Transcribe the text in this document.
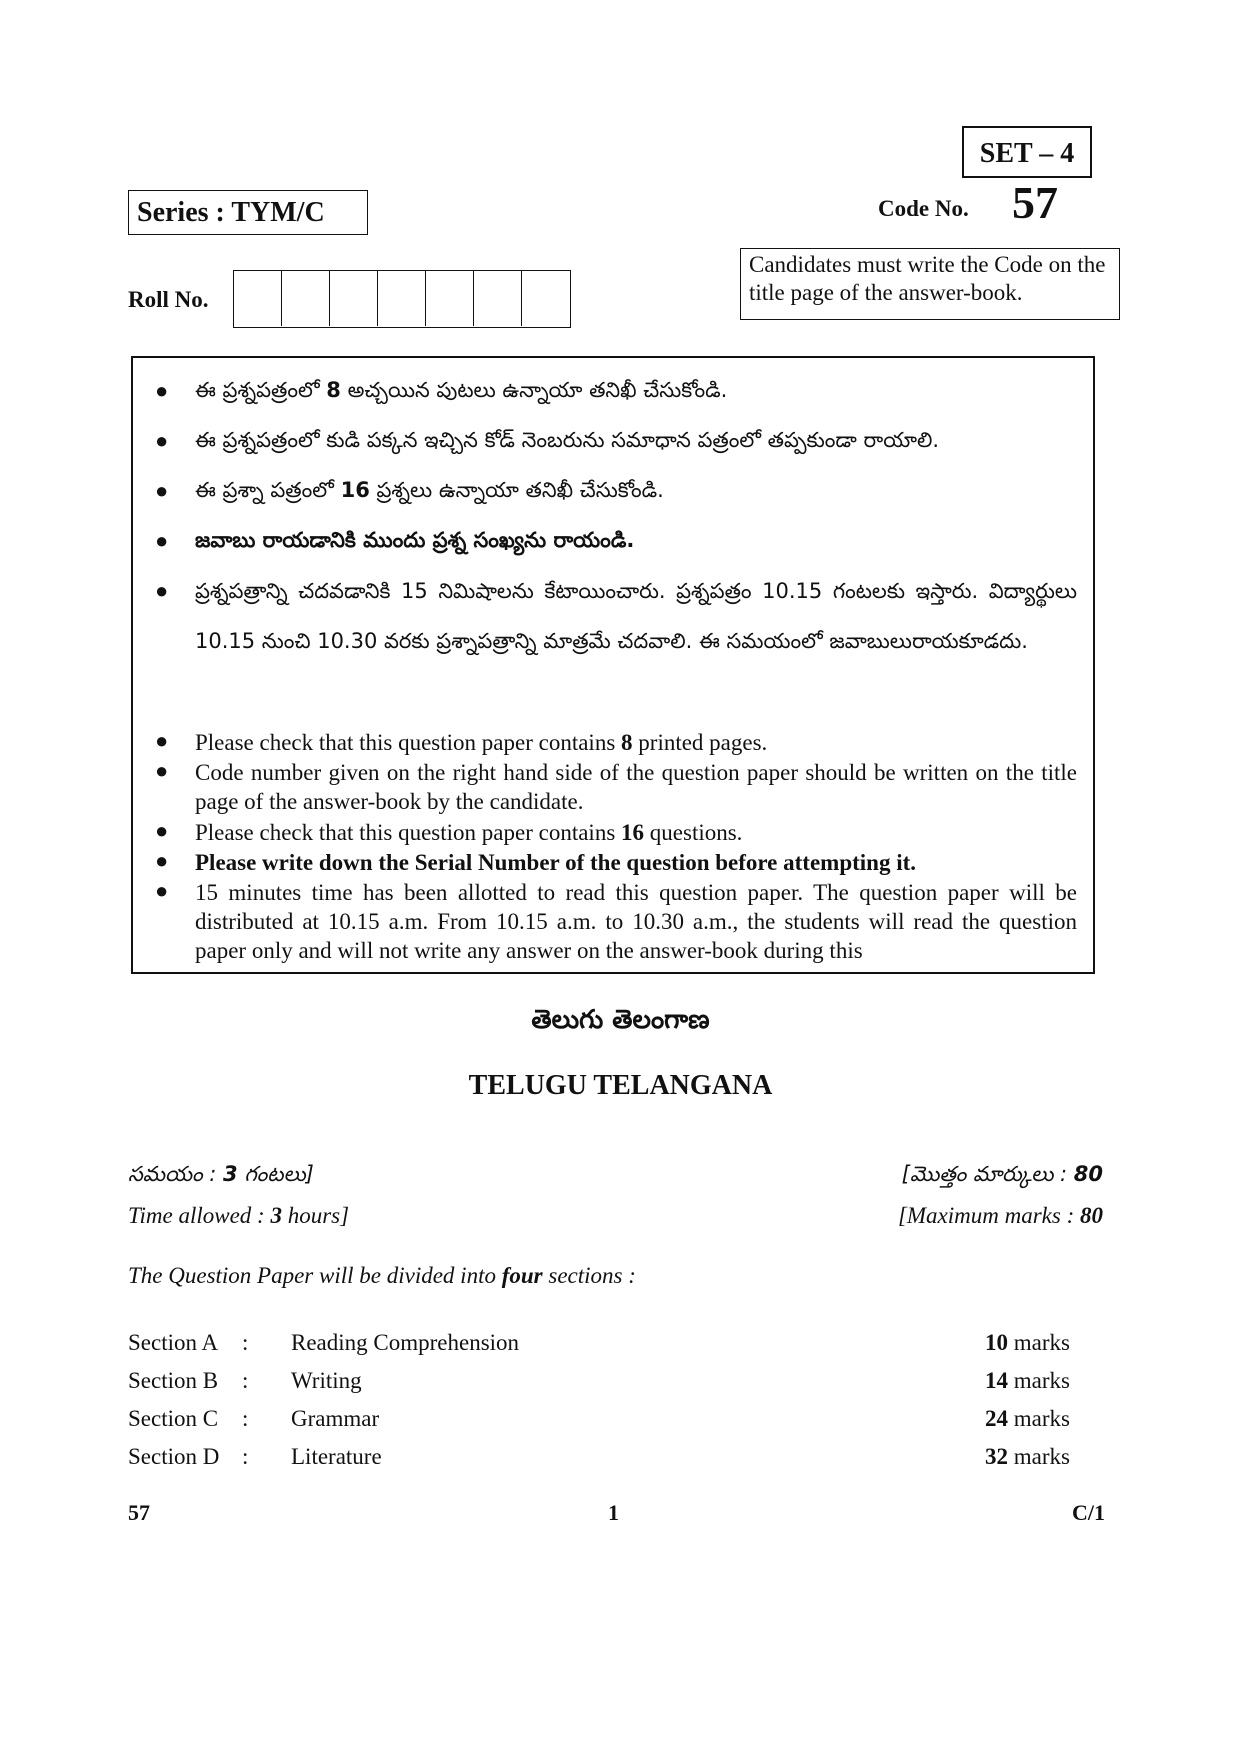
SET – 4
Series : TYM/C	Code No. 57
Candidates must write the Code on the title page of the answer-book.
Roll No.
● ఈ ప్రశ్నపత్రంలో 8 అచ్చయిన పుటలు ఉన్నాయా తనిఖీ చేసుకోండి.
● ఈ ప్రశ్నపత్రంలో కుడి పక్కన ఇచ్చిన కోడ్ నెంబరును సమాధాన పత్రంలో తప్పకుండా రాయాలి.
● ఈ ప్రశ్నా పత్రంలో 16 ప్రశ్నలు ఉన్నాయా తనిఖీ చేసుకోండి.
● జవాబు రాయడానికి ముందు ప్రశ్న సంఖ్యను రాయండి.
● ప్రశ్నపత్రాన్ని చదవడానికి 15 నిమిషాలను కేటాయించారు. ప్రశ్నపత్రం 10.15 గంటలకు ఇస్తారు. విద్యార్థులు 10.15 నుంచి 10.30 వరకు ప్రశ్నాపత్రాన్ని మాత్రమే చదవాలి. ఈ సమయంలో జవాబులురాయకూడదు.
● Please check that this question paper contains 8 printed pages.
● Code number given on the right hand side of the question paper should be written on the title page of the answer-book by the candidate.
● Please check that this question paper contains 16 questions.
● Please write down the Serial Number of the question before attempting it.
● 15 minutes time has been allotted to read this question paper. The question paper will be distributed at 10.15 a.m. From 10.15 a.m. to 10.30 a.m., the students will read the question paper only and will not write any answer on the answer-book during this
తెలుగు తెలంగాణ
TELUGU TELANGANA
సమయం : 3 గంటలు]	[మొత్తం మార్కులు : 80
Time allowed : 3 hours]	[Maximum marks : 80
The Question Paper will be divided into four sections :
Section A : Reading Comprehension	10 marks
Section B : Writing	14 marks
Section C : Grammar	24 marks
Section D : Literature	32 marks
57	1	C/1
